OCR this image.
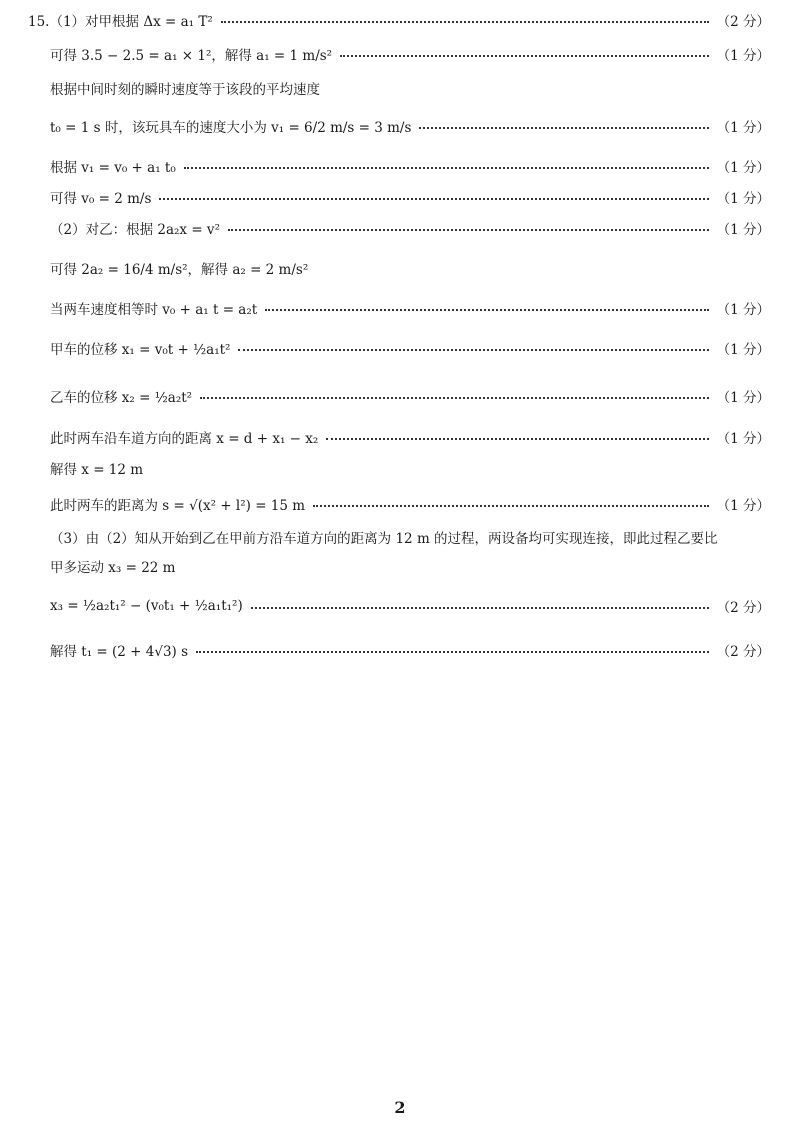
15.（1）对甲根据 Δx = a₁ T²	（2 分）
可得 3.5 − 2.5 = a₁ × 1²，解得 a₁ = 1 m/s²	（1 分）
根据中间时刻的瞬时速度等于该段的平均速度
t₀ = 1 s 时，该玩具车的速度大小为 v₁ = 6/2 m/s = 3 m/s	（1 分）
根据 v₁ = v₀ + a₁ t₀	（1 分）
可得 v₀ = 2 m/s	（1 分）
（2）对乙：根据 2a₂x = v²	（1 分）
可得 2a₂ = 16/4 m/s²，解得 a₂ = 2 m/s²
当两车速度相等时 v₀ + a₁ t = a₂t	（1 分）
甲车的位移 x₁ = v₀t + ½a₁t²	（1 分）
乙车的位移 x₂ = ½a₂t²	（1 分）
此时两车沿车道方向的距离 x = d + x₁ − x₂	（1 分）
解得 x = 12 m
此时两车的距离为 s = √(x² + l²) = 15 m	（1 分）
（3）由（2）知从开始到乙在甲前方沿车道方向的距离为 12 m 的过程，两设备均可实现连接，即此过程乙要比
甲多运动 x₃ = 22 m
x₃ = ½a₂t₁² − (v₀t₁ + ½a₁t₁²)	（2 分）
解得 t₁ = (2 + 4√3) s	（2 分）
2
